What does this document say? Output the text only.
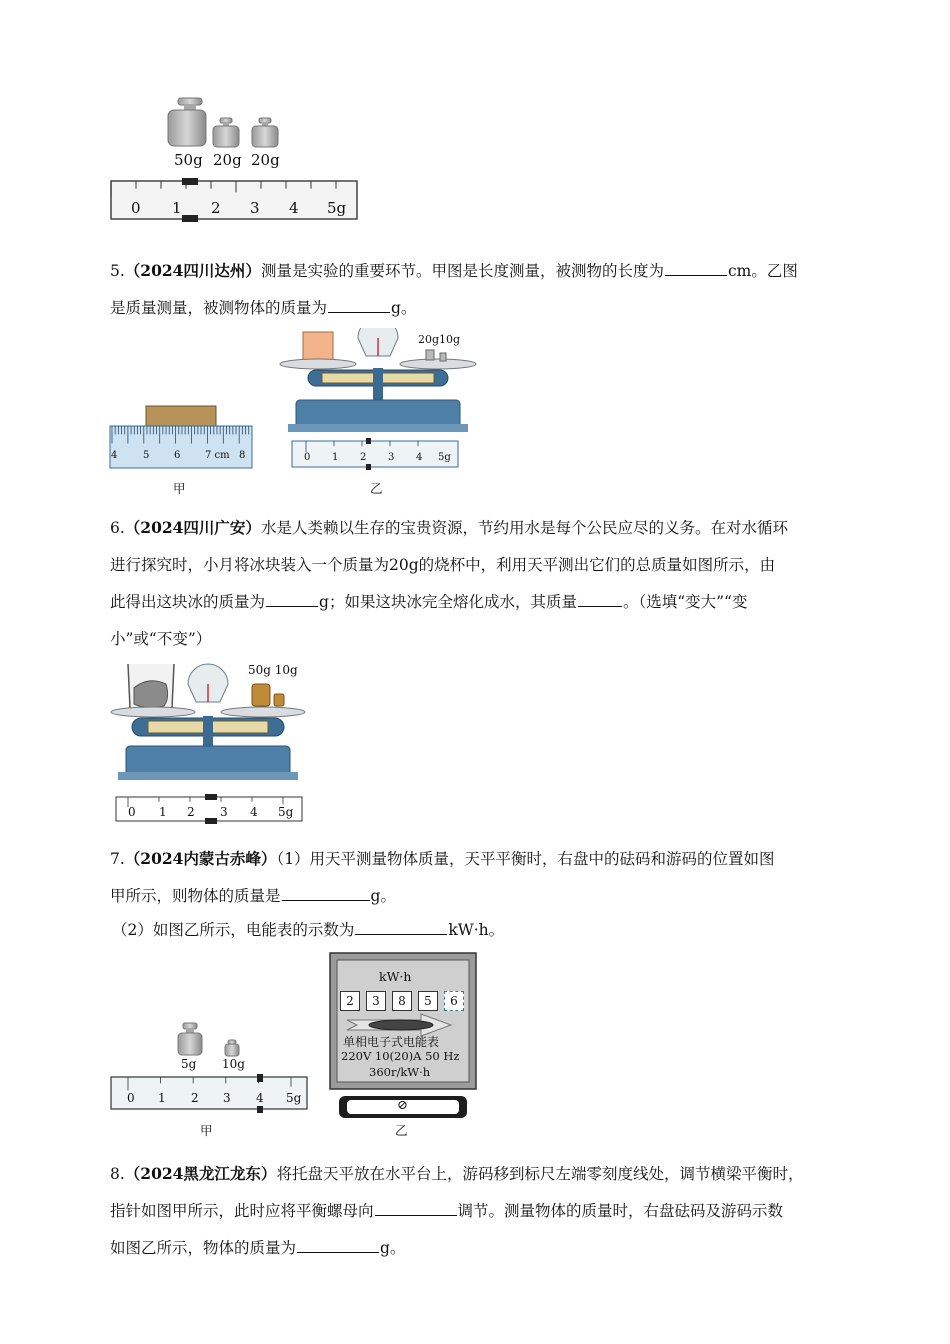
50g 20g 20g
0 1 2 3 4 5g
5.（2024四川达州）测量是实验的重要环节。甲图是长度测量，被测物的长度为	cm。乙图
是质量测量，被测物体的质量为	g。
4	5 6 7 cm 8
甲
20g10g
0 1 2 3 4 5g
乙
6.（2024四川广安）水是人类赖以生存的宝贵资源，节约用水是每个公民应尽的义务。在对水循环
进行探究时，小月将冰块装入一个质量为20g的烧杯中，利用天平测出它们的总质量如图所示，由
此得出这块冰的质量为	g；如果这块冰完全熔化成水，其质量	。（选填“变大”“变
小”或“不变”）
50g 10g
0 1 2 3 4 5g
7.（2024内蒙古赤峰）（1）用天平测量物体质量，天平平衡时，右盘中的砝码和游码的位置如图
甲所示，则物体的质量是	g。
（2）如图乙所示，电能表的示数为	kW·h。
5g 10g
0 1 2 3 4 5g
甲
kW·h
2	3	8	5	6
单相电子式电能表
220V 10(20)A 50 Hz
360r/kW·h
⊘
乙
8.（2024黑龙江龙东）将托盘天平放在水平台上，游码移到标尺左端零刻度线处，调节横梁平衡时，
指针如图甲所示，此时应将平衡螺母向	调节。测量物体的质量时，右盘砝码及游码示数
如图乙所示，物体的质量为	g。
